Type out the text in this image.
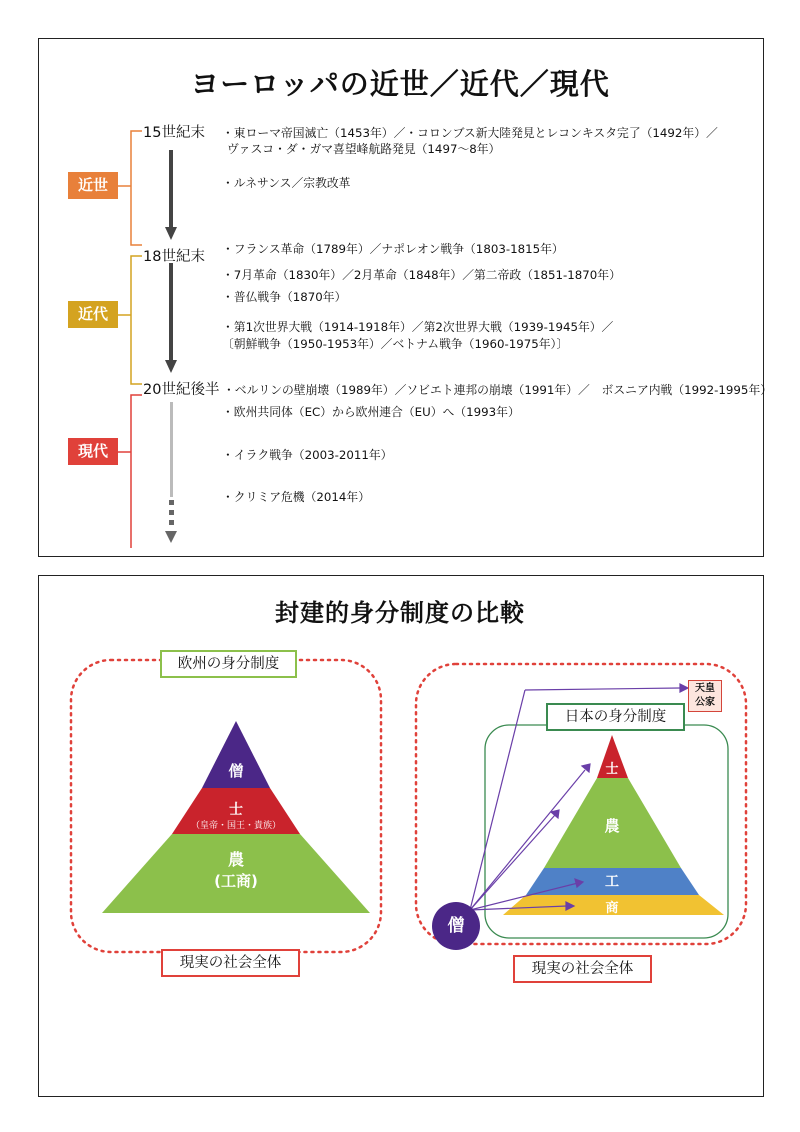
ヨーロッパの近世／近代／現代
近世
近代
現代
15世紀末
18世紀末
20世紀後半
・東ローマ帝国滅亡（1453年）／・コロンブス新大陸発見とレコンキスタ完了（1492年）／
ヴァスコ・ダ・ガマ喜望峰航路発見（1497～8年）
・ルネサンス／宗教改革
・フランス革命（1789年）／ナポレオン戦争（1803-1815年）
・7月革命（1830年）／2月革命（1848年）／第二帝政（1851-1870年）
・普仏戦争（1870年）
・第1次世界大戦（1914-1918年）／第2次世界大戦（1939-1945年）／
〔朝鮮戦争（1950-1953年）／ベトナム戦争（1960-1975年）〕
・ベルリンの壁崩壊（1989年）／ソビエト連邦の崩壊（1991年）／　ボスニア内戦（1992-1995年）
・欧州共同体（EC）から欧州連合（EU）へ（1993年）
・イラク戦争（2003-2011年）
・クリミア危機（2014年）
封建的身分制度の比較
欧州の身分制度
現実の社会全体
僧
士
（皇帝・国王・貴族）
農
(工商)
日本の身分制度
現実の社会全体
天皇
公家
士
農
工
商
僧
